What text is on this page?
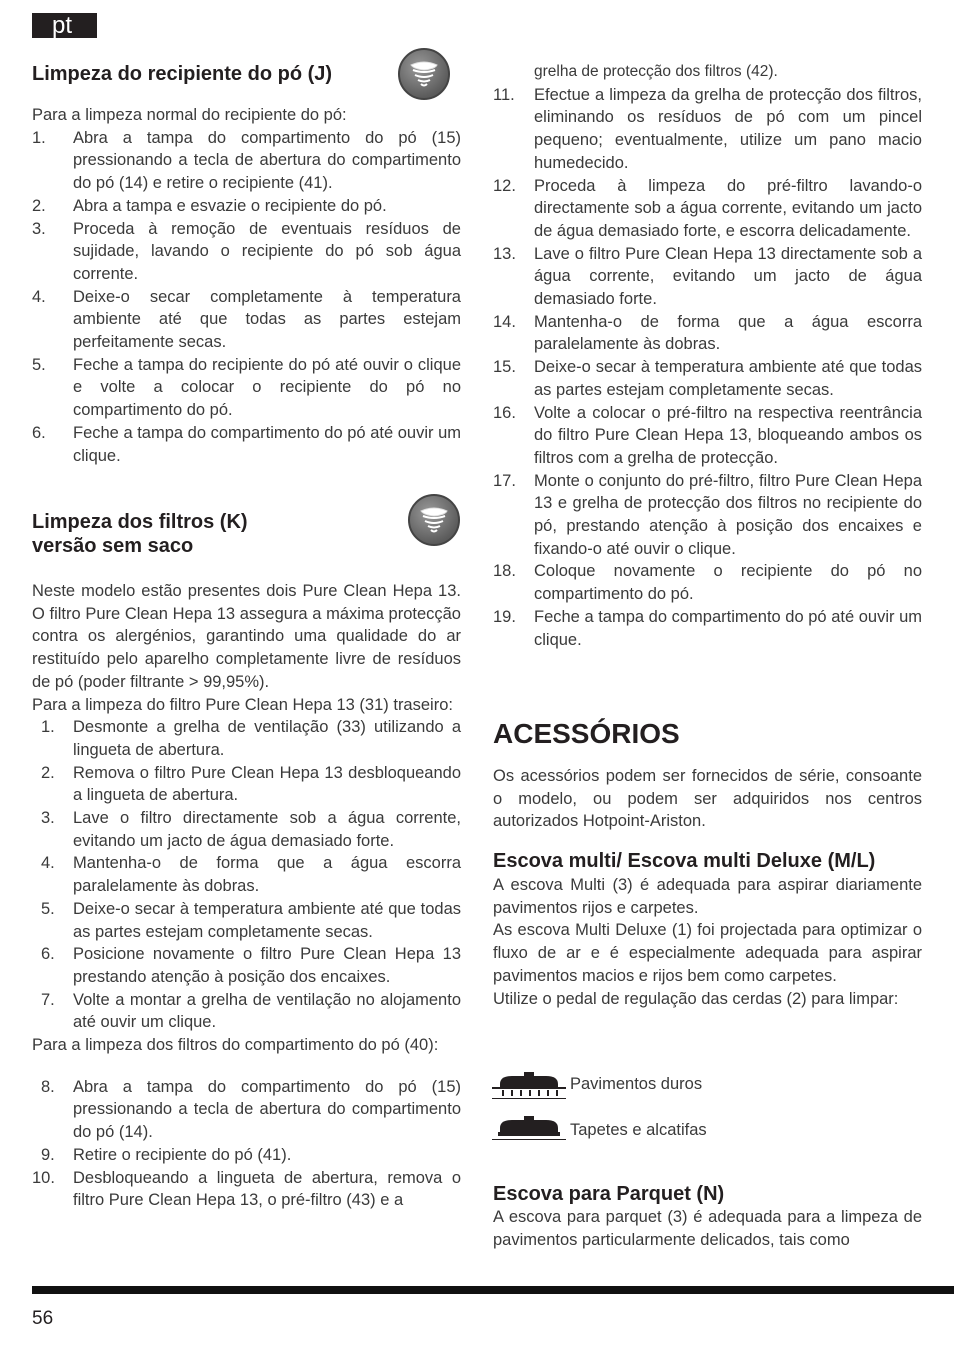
pt
Limpeza do recipiente do pó (J)

Para a limpeza normal do recipiente do pó:

1. Abra a tampa do compartimento do pó (15) pressionando a tecla de abertura do compartimento do pó (14) e retire o recipiente (41).
2. Abra a tampa e esvazie o recipiente do pó.
3. Proceda à remoção de eventuais resíduos de sujidade, lavando o recipiente do pó sob água corrente.
4. Deixe-o secar completamente à temperatura ambiente até que todas as partes estejam perfeitamente secas.
5. Feche a tampa do recipiente do pó até ouvir o clique e volte a colocar o recipiente do pó no compartimento do pó.
6. Feche a tampa do compartimento do pó até ouvir um clique.
Limpeza dos filtros (K)
versão sem saco

Neste modelo estão presentes dois Pure Clean Hepa 13. O filtro Pure Clean Hepa 13 assegura a máxima protecção contra os alergénios, garantindo uma qualidade do ar restituído pelo aparelho completamente livre de resíduos de pó (poder filtrante > 99,95%).

Para a limpeza do filtro Pure Clean Hepa 13 (31) traseiro:

1. Desmonte a grelha de ventilação (33) utilizando a lingueta de abertura.
2. Remova o filtro Pure Clean Hepa 13 desbloqueando a lingueta de abertura.
3. Lave o filtro directamente sob a água corrente, evitando um jacto de água demasiado forte.
4. Mantenha-o de forma que a água escorra paralelamente às dobras.
5. Deixe-o secar à temperatura ambiente até que todas as partes estejam completamente secas.
6. Posicione novamente o filtro Pure Clean Hepa 13 prestando atenção à posição dos encaixes.
7. Volte a montar a grelha de ventilação no alojamento até ouvir um clique.

Para a limpeza dos filtros do compartimento do pó (40):

8. Abra a tampa do compartimento do pó (15) pressionando a tecla de abertura do compartimento do pó (14).
9. Retire o recipiente do pó (41).
10. Desbloqueando a lingueta de abertura, remova o filtro Pure Clean Hepa 13, o pré-filtro (43) e a

grelha de protecção dos filtros (42).

11. Efectue a limpeza da grelha de protecção dos filtros, eliminando os resíduos de pó com um pincel pequeno; eventualmente, utilize um pano macio humedecido.
12. Proceda à limpeza do pré-filtro lavando-o directamente sob a água corrente, evitando um jacto de água demasiado forte, e escorra delicadamente.
13. Lave o filtro Pure Clean Hepa 13 directamente sob a água corrente, evitando um jacto de água demasiado forte.
14. Mantenha-o de forma que a água escorra paralelamente às dobras.
15. Deixe-o secar à temperatura ambiente até que todas as partes estejam completamente secas.
16. Volte a colocar o pré-filtro na respectiva reentrância do filtro Pure Clean Hepa 13, bloqueando ambos os filtros com a grelha de protecção.
17. Monte o conjunto do pré-filtro, filtro Pure Clean Hepa 13 e grelha de protecção dos filtros no recipiente do pó, prestando atenção à posição dos encaixes e fixando-o até ouvir o clique.
18. Coloque novamente o recipiente do pó no compartimento do pó.
19. Feche a tampa do compartimento do pó até ouvir um clique.
ACESSÓRIOS

Os acessórios podem ser fornecidos de série, consoante o modelo, ou podem ser adquiridos nos centros autorizados Hotpoint-Ariston.

Escova multi/ Escova multi Deluxe (M/L)

A escova Multi (3) é adequada para aspirar diariamente pavimentos rijos e carpetes.

As escova Multi Deluxe (1) foi projectada para optimizar o fluxo de ar e é especialmente adequada para aspirar pavimentos macios e rijos bem como carpetes.

Utilize o pedal de regulação das cerdas (2) para limpar:

Pavimentos duros
Tapetes e alcatifas
Escova para Parquet (N)

A escova para parquet (3) é adequada para a limpeza de pavimentos particularmente delicados, tais como

56
